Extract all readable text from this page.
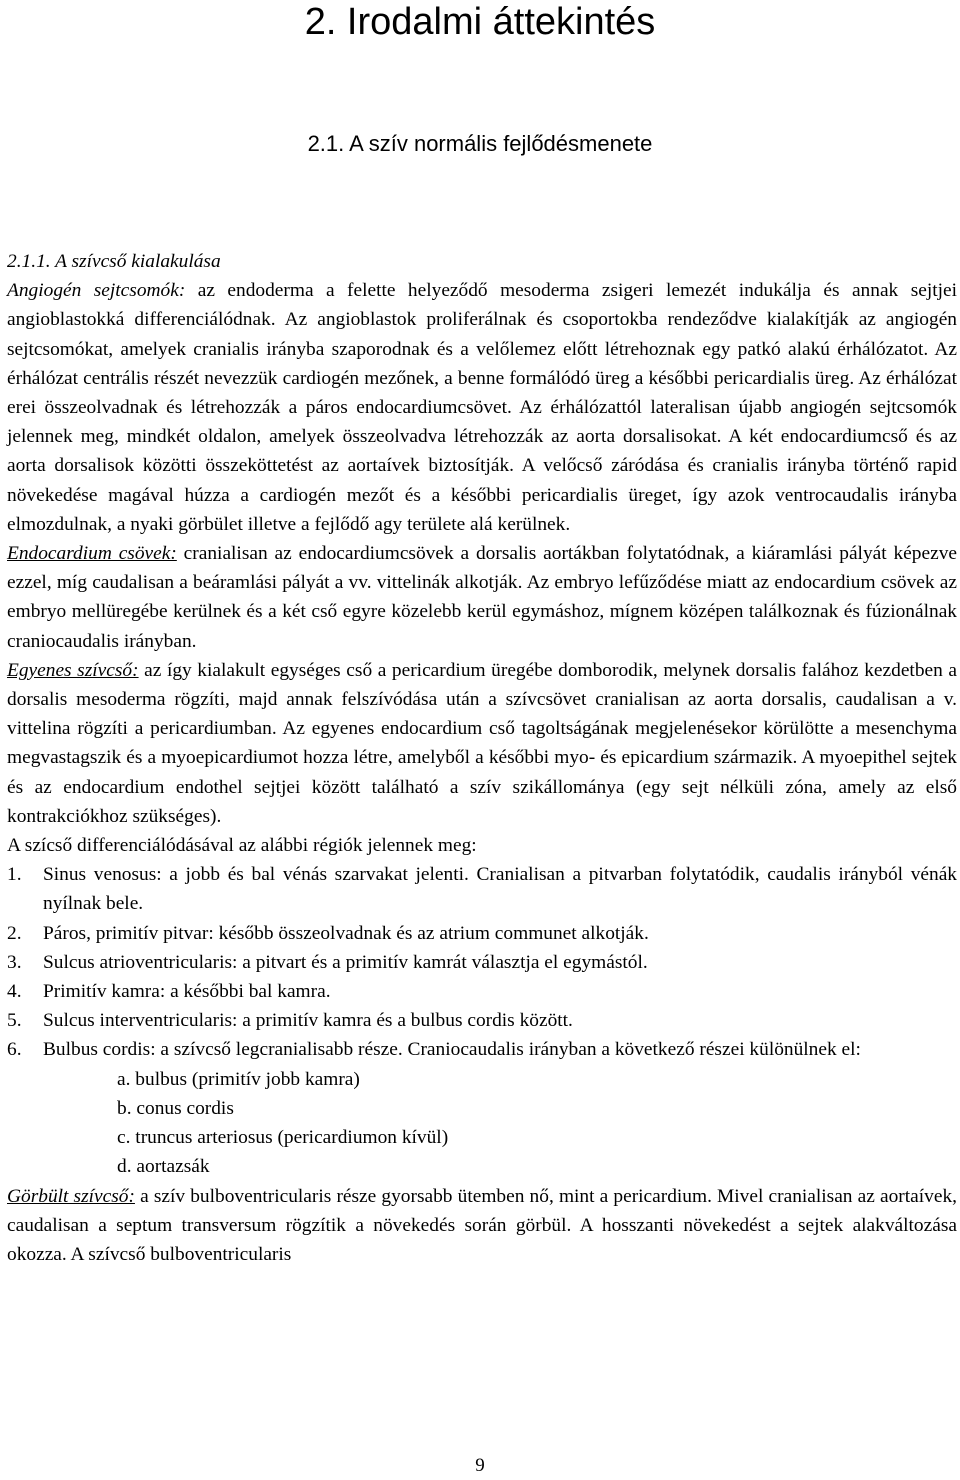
2. Irodalmi áttekintés
2.1. A szív normális fejlődésmenete

2.1.1. A szívcső kialakulása

Angiogén sejtcsomók: az endoderma a felette helyeződő mesoderma zsigeri lemezét indukálja és annak sejtjei angioblastokká differenciálódnak. Az angioblastok proliferálnak és csoportokba rendeződve kialakítják az angiogén sejtcsomókat, amelyek cranialis irányba szaporodnak és a velőlemez előtt létrehoznak egy patkó alakú érhálózatot. Az érhálózat centrális részét nevezzük cardiogén mezőnek, a benne formálódó üreg a későbbi pericardialis üreg. Az érhálózat erei összeolvadnak és létrehozzák a páros endocardiumcsövet. Az érhálózattól lateralisan újabb angiogén sejtcsomók jelennek meg, mindkét oldalon, amelyek összeolvadva létrehozzák az aorta dorsalisokat. A két endocardiumcső és az aorta dorsalisok közötti összeköttetést az aortaívek biztosítják. A velőcső záródása és cranialis irányba történő rapid növekedése magával húzza a cardiogén mezőt és a későbbi pericardialis üreget, így azok ventrocaudalis irányba elmozdulnak, a nyaki görbület illetve a fejlődő agy területe alá kerülnek.

Endocardium csövek: cranialisan az endocardiumcsövek a dorsalis aortákban folytatódnak, a kiáramlási pályát képezve ezzel, míg caudalisan a beáramlási pályát a vv. vittelinák alkotják. Az embryo lefűződése miatt az endocardium csövek az embryo mellüregébe kerülnek és a két cső egyre közelebb kerül egymáshoz, mígnem középen találkoznak és fúzionálnak craniocaudalis irányban.

Egyenes szívcső: az így kialakult egységes cső a pericardium üregébe domborodik, melynek dorsalis falához kezdetben a dorsalis mesoderma rögzíti, majd annak felszívódása után a szívcsövet cranialisan az aorta dorsalis, caudalisan a v. vittelina rögzíti a pericardiumban. Az egyenes endocardium cső tagoltságának megjelenésekor körülötte a mesenchyma megvastagszik és a myoepicardiumot hozza létre, amelyből a későbbi myo- és epicardium származik. A myoepithel sejtek és az endocardium endothel sejtjei között található a szív szikállománya (egy sejt nélküli zóna, amely az első kontrakciókhoz szükséges).

A szícső differenciálódásával az alábbi régiók jelennek meg:

1. Sinus venosus: a jobb és bal vénás szarvakat jelenti. Cranialisan a pitvarban folytatódik, caudalis irányból vénák nyílnak bele.
2. Páros, primitív pitvar: később összeolvadnak és az atrium communet alkotják.
3. Sulcus atrioventricularis: a pitvart és a primitív kamrát választja el egymástól.
4. Primitív kamra: a későbbi bal kamra.
5. Sulcus interventricularis: a primitív kamra és a bulbus cordis között.
6. Bulbus cordis: a szívcső legcranialisabb része. Craniocaudalis irányban a következő részei különülnek el:
a. bulbus (primitív jobb kamra)
b. conus cordis
c. truncus arteriosus (pericardiumon kívül)
d. aortazsák

Görbült szívcső: a szív bulboventricularis része gyorsabb ütemben nő, mint a pericardium. Mivel cranialisan az aortaívek, caudalisan a septum transversum rögzítik a növekedés során görbül. A hosszanti növekedést a sejtek alakváltozása okozza. A szívcső bulboventricularis

9
